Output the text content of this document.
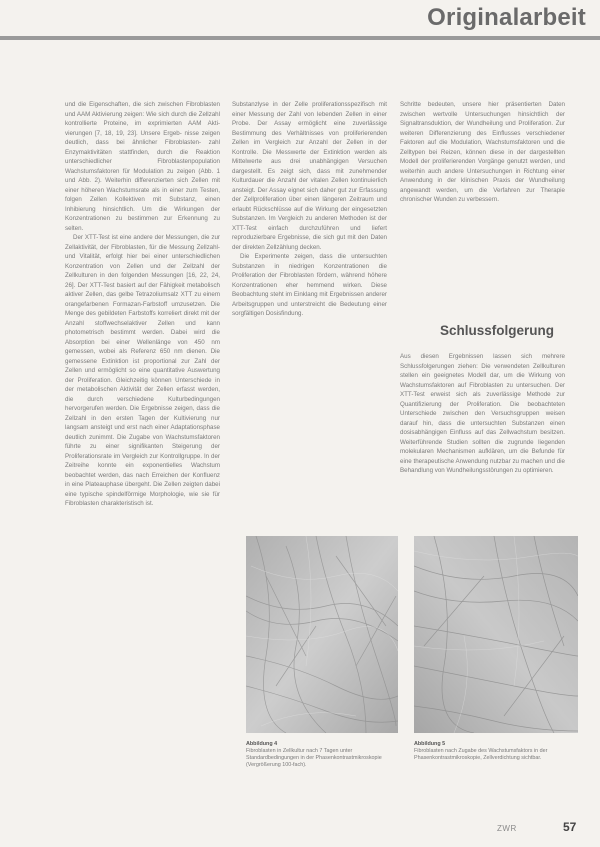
Originalarbeit

und die Eigenschaften, die sich zwischen Fibroblasten und AAM Aktivierung zeigen: Wie sich durch die Zellzahl kontrollierte Proteine, im exprimierten AAM Akti- vierungen [7, 18, 19, 23]. Unsere Ergeb- nisse zeigen deutlich, dass bei ähnlicher Fibroblasten- zahl Enzymaktivitäten stattfinden, durch die Reaktion unterschiedlicher Fibroblastenpopulation Wachstumsfaktoren für Modulation zu zeigen (Abb. 1 und Abb. 2). Weiterhin differenzierten sich Zellen mit einer höheren Wachstumsrate als in einer zum Testen, folgen Zellen Kollektiven mit Substanz, einen Inhibierung hinsichtlich. Um die Wirkungen der Konzentrationen zu bestimmen zur Erkennung zu selten.

Der XTT-Test ist eine andere der Messungen, die zur Zellaktivität, der Fibroblasten, für die Messung Zellzahl- und Vitalität, erfolgt hier bei einer unterschiedlichen Konzentration von Zellen und der Zellzahl der Zellkulturen in den folgenden Messungen [16, 22, 24, 26]. Der XTT-Test basiert auf der Fähigkeit metabolisch aktiver Zellen, das gelbe Tetrazoliumsalz XTT zu einem orangefarbenen Formazan-Farbstoff umzusetzen. Die Menge des gebildeten Farbstoffs korreliert direkt mit der Anzahl stoffwechselaktiver Zellen und kann photometrisch bestimmt werden. Dabei wird die Absorption bei einer Wellenlänge von 450 nm gemessen, wobei als Referenz 650 nm dienen. Die gemessene Extinktion ist proportional zur Zahl der Zellen und ermöglicht so eine quantitative Auswertung der Proliferation. Gleichzeitig können Unterschiede in der metabolischen Aktivität der Zellen erfasst werden, die durch verschiedene Kulturbedingungen hervorgerufen werden. Die Ergebnisse zeigen, dass die Zellzahl in den ersten Tagen der Kultivierung nur langsam ansteigt und erst nach einer Adaptationsphase deutlich zunimmt. Die Zugabe von Wachstumsfaktoren führte zu einer signifikanten Steigerung der Proliferationsrate im Vergleich zur Kontrollgruppe. In der Zeitreihe konnte ein exponentielles Wachstum beobachtet werden, das nach Erreichen der Konfluenz in eine Plateauphase übergeht. Die Zellen zeigten dabei eine typische spindelförmige Morphologie, wie sie für Fibroblasten charakteristisch ist.

Substanzlyse in der Zelle proliferationsspezifisch mit einer Messung der Zahl von lebenden Zellen in einer Probe. Der Assay ermöglicht eine zuverlässige Bestimmung des Verhältnisses von proliferierenden Zellen im Vergleich zur Anzahl der Zellen in der Kontrolle. Die Messwerte der Extinktion werden als Mittelwerte aus drei unabhängigen Versuchen dargestellt. Es zeigt sich, dass mit zunehmender Kulturdauer die Anzahl der vitalen Zellen kontinuierlich ansteigt. Der Assay eignet sich daher gut zur Erfassung der Zellproliferation über einen längeren Zeitraum und erlaubt Rückschlüsse auf die Wirkung der eingesetzten Substanzen. Im Vergleich zu anderen Methoden ist der XTT-Test einfach durchzuführen und liefert reproduzierbare Ergebnisse, die sich gut mit den Daten der direkten Zellzählung decken.

Die Experimente zeigen, dass die untersuchten Substanzen in niedrigen Konzentrationen die Proliferation der Fibroblasten fördern, während höhere Konzentrationen eher hemmend wirken. Diese Beobachtung steht im Einklang mit Ergebnissen anderer Arbeitsgruppen und unterstreicht die Bedeutung einer sorgfältigen Dosisfindung.

Schritte bedeuten, unsere hier präsentierten Daten zwischen wertvolle Untersuchungen hinsichtlich der Signaltransduktion, der Wundheilung und Proliferation. Zur weiteren Differenzierung des Einflusses verschiedener Faktoren auf die Modulation, Wachstumsfaktoren und die Zelltypen bei Reizen, können diese in der dargestellten Modell der proliferierenden Vorgänge genutzt werden, und weiterhin auch andere Untersuchungen in Richtung einer Anwendung in der klinischen Praxis der Wundheilung angewandt werden, um die Verfahren zur Therapie chronischer Wunden zu verbessern.

Schlussfolgerung

Aus diesen Ergebnissen lassen sich mehrere Schlussfolgerungen ziehen: Die verwendeten Zellkulturen stellen ein geeignetes Modell dar, um die Wirkung von Wachstumsfaktoren auf Fibroblasten zu untersuchen. Der XTT-Test erweist sich als zuverlässige Methode zur Quantifizierung der Proliferation. Die beobachteten Unterschiede zwischen den Versuchsgruppen weisen darauf hin, dass die untersuchten Substanzen einen dosisabhängigen Einfluss auf das Zellwachstum besitzen. Weiterführende Studien sollten die zugrunde liegenden molekularen Mechanismen aufklären, um die Befunde für eine therapeutische Anwendung nutzbar zu machen und die Behandlung von Wundheilungsstörungen zu optimieren.

Abbildung 4
Fibroblasten in Zellkultur nach 7 Tagen unter Standardbedingungen in der Phasenkontrastmikroskopie (Vergrößerung 100-fach).
Abbildung 5
Fibroblasten nach Zugabe des Wachstumsfaktors in der Phasenkontrastmikroskopie, Zellverdichtung sichtbar.
ZWR	57
